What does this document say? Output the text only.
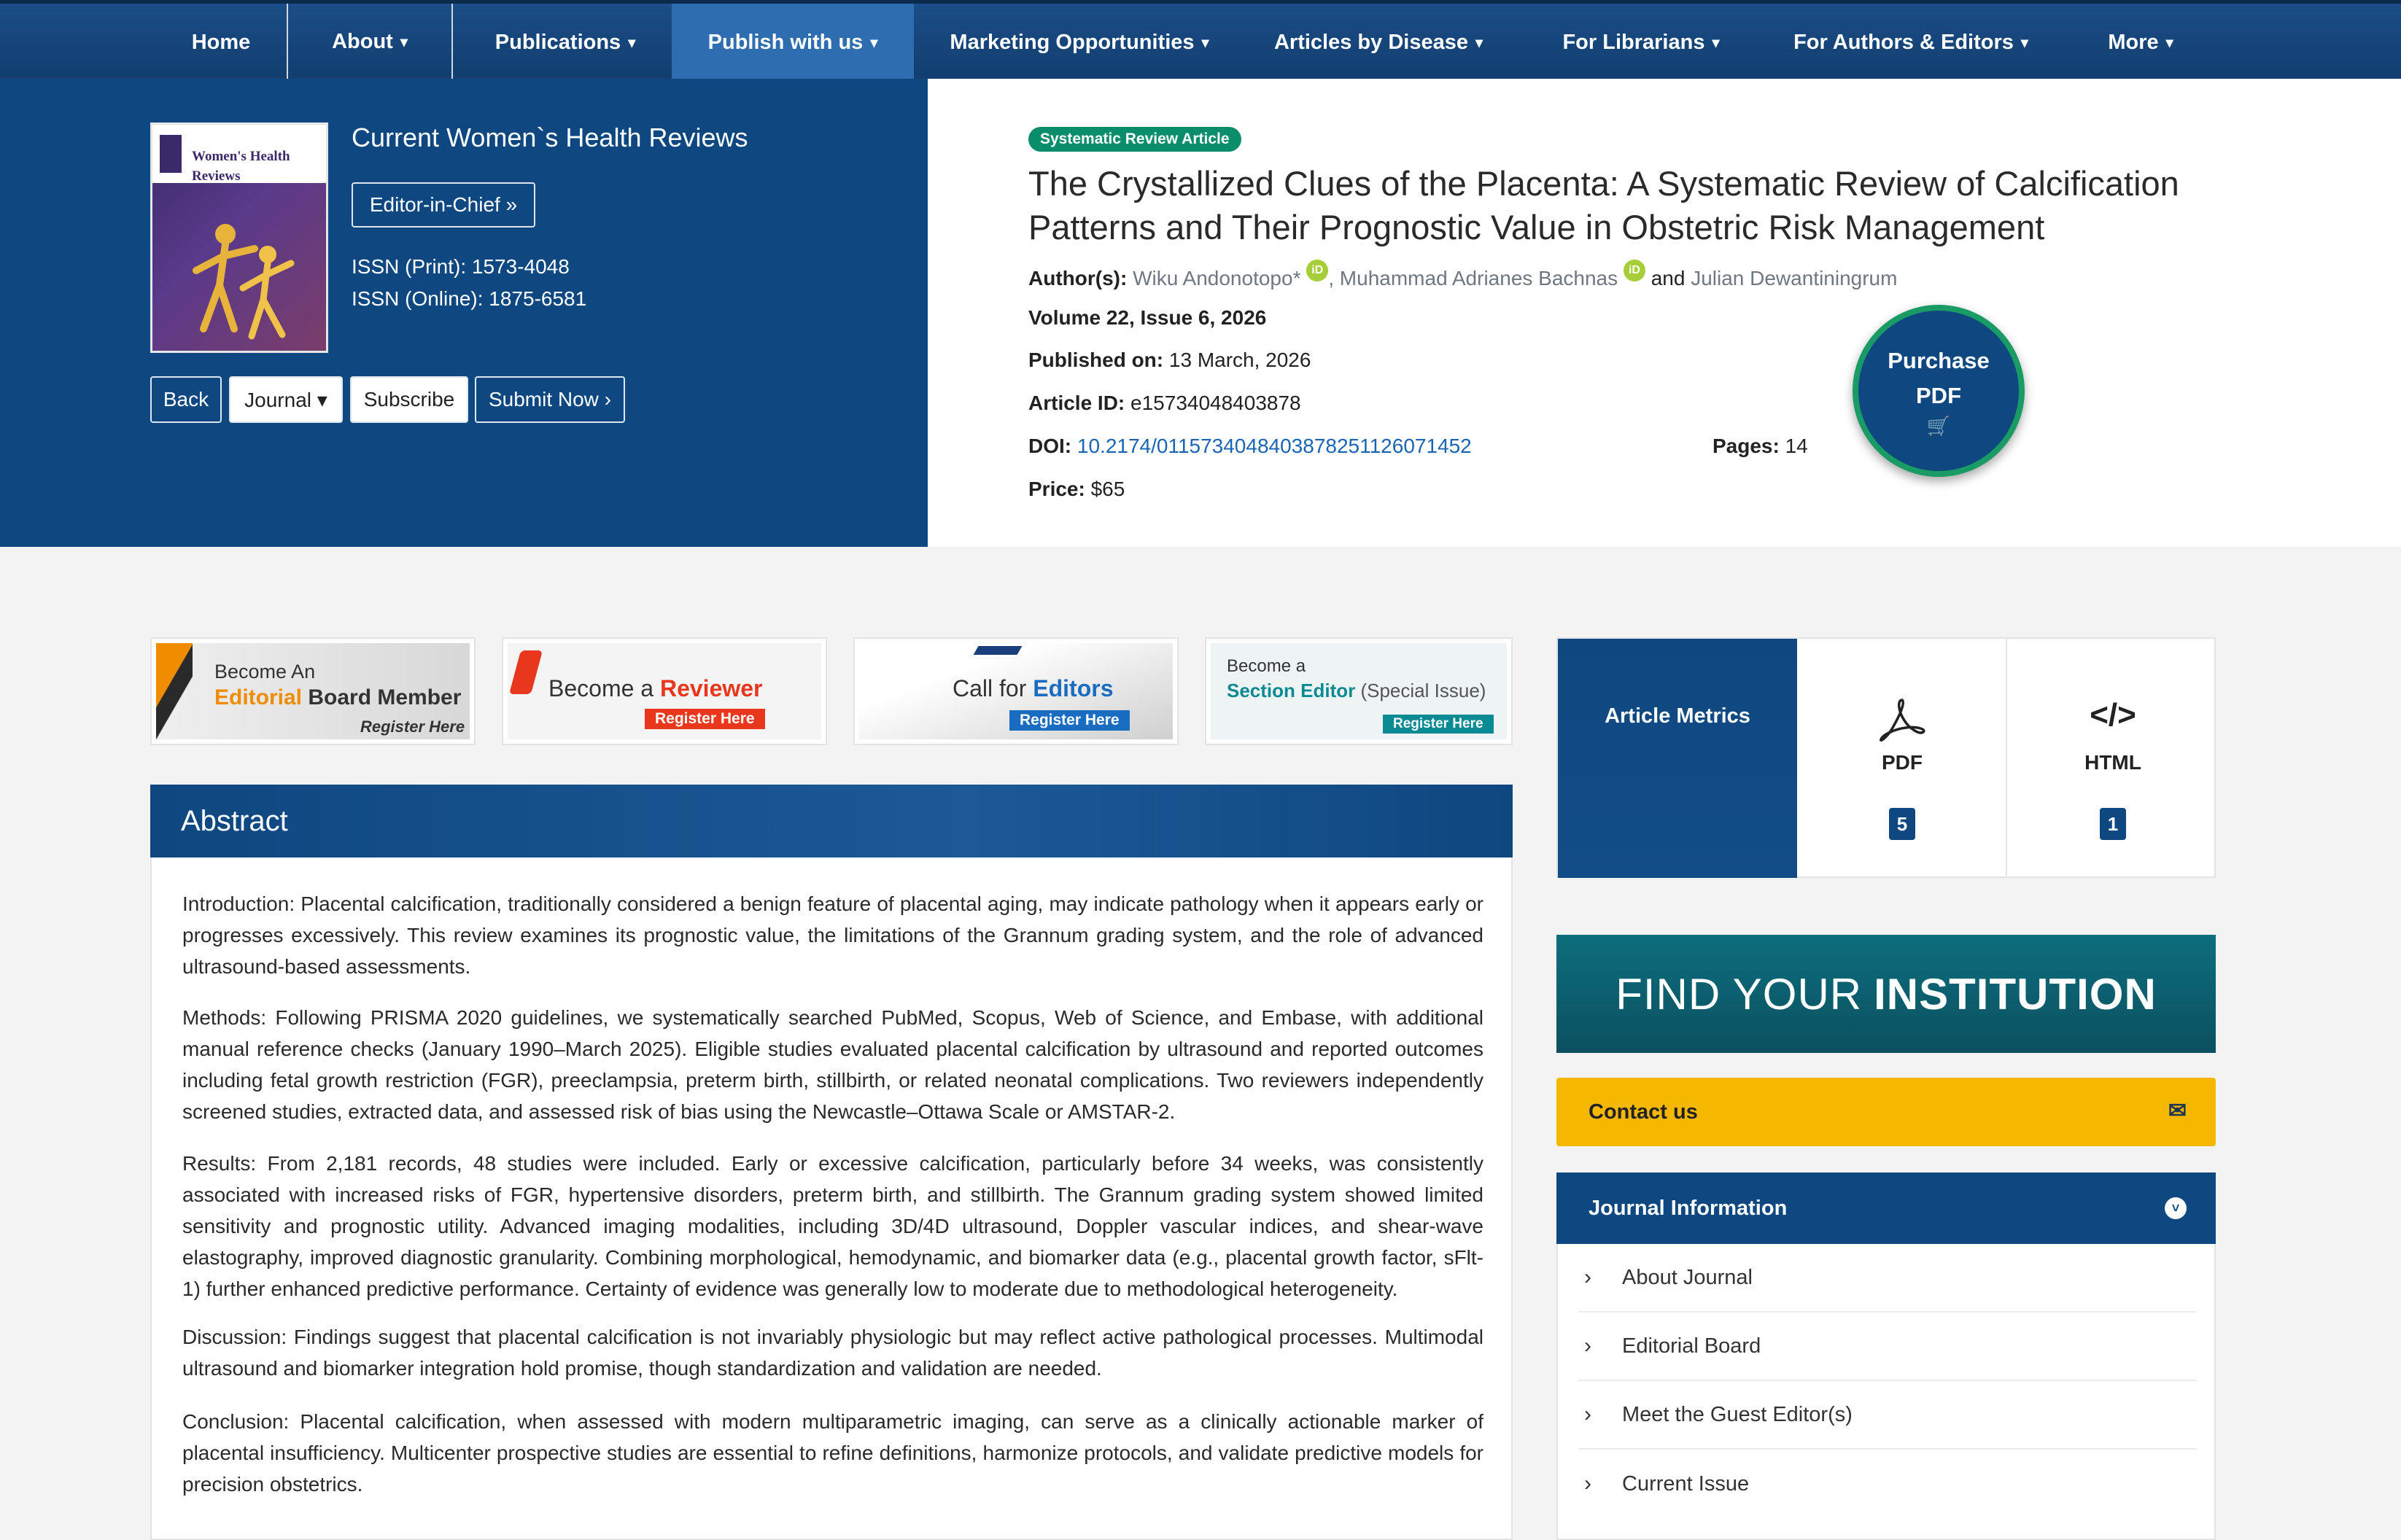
Home	About ▾	Publications ▾	Publish with us ▾	Marketing Opportunities ▾	Articles by Disease ▾	For Librarians ▾	For Authors & Editors ▾	More ▾
Women's Health
Reviews
Current Women`s Health Reviews
Editor-in-Chief »
ISSN (Print): 1573-4048
ISSN (Online): 1875-6581
Back	Journal ▾	Subscribe	Submit Now ›
Systematic Review Article
The Crystallized Clues of the Placenta: A Systematic Review of Calcification Patterns and Their Prognostic Value in Obstetric Risk Management
Author(s): Wiku Andonotopo* iD , Muhammad Adrianes Bachnas iD and Julian Dewantiningrum
Volume 22, Issue 6, 2026
Published on: 13 March, 2026
Article ID: e15734048403878
DOI: 10.2174/0115734048403878251126071452	Pages: 14
Price: $65
Purchase
PDF
🛒
Become An
Editorial Board Member
Register Here
Become a Reviewer
Register Here
Call for Editors
Register Here
Become a
Section Editor (Special Issue)
Register Here
Abstract

Introduction: Placental calcification, traditionally considered a benign feature of placental aging, may indicate pathology when it appears early or progresses excessively. This review examines its prognostic value, the limitations of the Grannum grading system, and the role of advanced ultrasound-based assessments.

Methods: Following PRISMA 2020 guidelines, we systematically searched PubMed, Scopus, Web of Science, and Embase, with additional manual reference checks (January 1990–March 2025). Eligible studies evaluated placental calcification by ultrasound and reported outcomes including fetal growth restriction (FGR), preeclampsia, preterm birth, stillbirth, or related neonatal complications. Two reviewers independently screened studies, extracted data, and assessed risk of bias using the Newcastle–Ottawa Scale or AMSTAR-2.

Results: From 2,181 records, 48 studies were included. Early or excessive calcification, particularly before 34 weeks, was consistently associated with increased risks of FGR, hypertensive disorders, preterm birth, and stillbirth. The Grannum grading system showed limited sensitivity and prognostic utility. Advanced imaging modalities, including 3D/4D ultrasound, Doppler vascular indices, and shear-wave elastography, improved diagnostic granularity. Combining morphological, hemodynamic, and biomarker data (e.g., placental growth factor, sFlt-1) further enhanced predictive performance. Certainty of evidence was generally low to moderate due to methodological heterogeneity.

Discussion: Findings suggest that placental calcification is not invariably physiologic but may reflect active pathological processes. Multimodal ultrasound and biomarker integration hold promise, though standardization and validation are needed.

Conclusion: Placental calcification, when assessed with modern multiparametric imaging, can serve as a clinically actionable marker of placental insufficiency. Multicenter prospective studies are essential to refine definitions, harmonize protocols, and validate predictive models for precision obstetrics.

Article Metrics
PDF
5
</>
HTML
1
FIND YOUR INSTITUTION
Contact us	✉
Journal Information	˅
›	About Journal
›	Editorial Board
›	Meet the Guest Editor(s)
›	Current Issue
